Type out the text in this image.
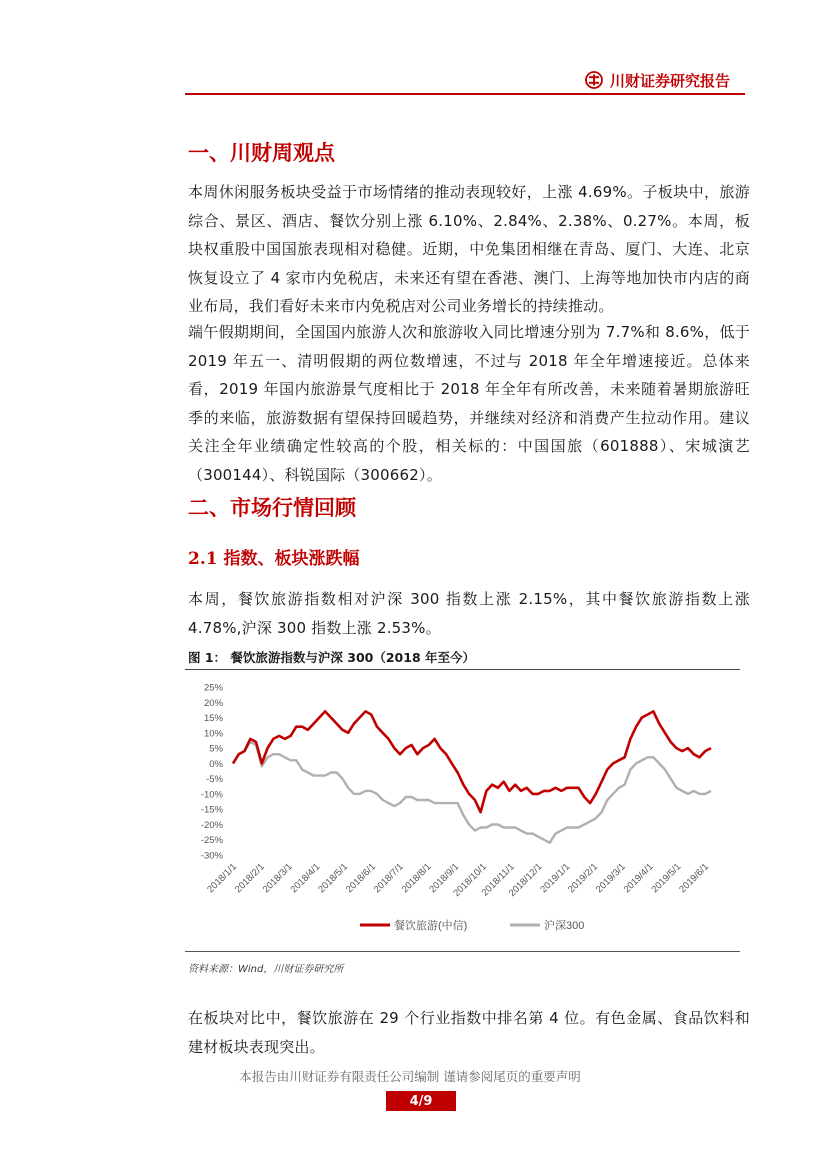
川财证券研究报告
一、川财周观点
本周休闲服务板块受益于市场情绪的推动表现较好，上涨 4.69%。子板块中，旅游综合、景区、酒店、餐饮分别上涨 6.10%、2.84%、2.38%、0.27%。本周，板块权重股中国国旅表现相对稳健。近期，中免集团相继在青岛、厦门、大连、北京恢复设立了 4 家市内免税店，未来还有望在香港、澳门、上海等地加快市内店的商业布局，我们看好未来市内免税店对公司业务增长的持续推动。
端午假期期间，全国国内旅游人次和旅游收入同比增速分别为 7.7%和 8.6%，低于 2019 年五一、清明假期的两位数增速，不过与 2018 年全年增速接近。总体来看，2019 年国内旅游景气度相比于 2018 年全年有所改善，未来随着暑期旅游旺季的来临，旅游数据有望保持回暖趋势，并继续对经济和消费产生拉动作用。建议关注全年业绩确定性较高的个股，相关标的：中国国旅（601888）、宋城演艺（300144）、科锐国际（300662）。
二、市场行情回顾
2.1 指数、板块涨跌幅
本周，餐饮旅游指数相对沪深 300 指数上涨 2.15%，其中餐饮旅游指数上涨 4.78%,沪深 300 指数上涨 2.53%。
图 1： 餐饮旅游指数与沪深 300（2018 年至今）
25%
20%
15%
10%
5%
0%
-5%
-10%
-15%
-20%
-25%
-30%
2018/1/1
2018/2/1
2018/3/1
2018/4/1
2018/5/1
2018/6/1
2018/7/1
2018/8/1
2018/9/1
2018/10/1
2018/11/1
2018/12/1
2019/1/1
2019/2/1
2019/3/1
2019/4/1
2019/5/1
2019/6/1
餐饮旅游(中信)	沪深300
资料来源：Wind，川财证券研究所
在板块对比中，餐饮旅游在 29 个行业指数中排名第 4 位。有色金属、食品饮料和建材板块表现突出。
本报告由川财证券有限责任公司编制 谨请参阅尾页的重要声明
4/9
